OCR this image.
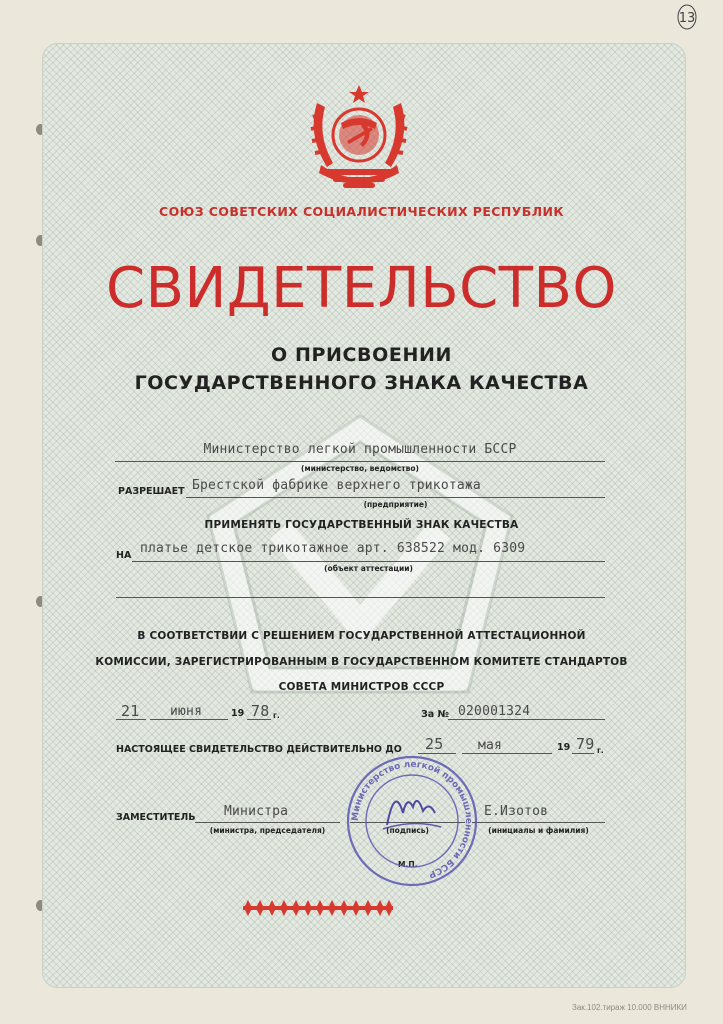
13
СОЮЗ СОВЕТСКИХ СОЦИАЛИСТИЧЕСКИХ РЕСПУБЛИК
СВИДЕТЕЛЬСТВО
О ПРИСВОЕНИИ
ГОСУДАРСТВЕННОГО ЗНАКА КАЧЕСТВА
Министерство легкой промышленности БССР
(министерство, ведомство)
РАЗРЕШАЕТ Брестской фабрике верхнего трикотажа
(предприятие)
ПРИМЕНЯТЬ ГОСУДАРСТВЕННЫЙ ЗНАК КАЧЕСТВА
НА платье детское трикотажное арт. 638522 мод. 6309
(объект аттестации)
В СООТВЕТСТВИИ С РЕШЕНИЕМ ГОСУДАРСТВЕННОЙ АТТЕСТАЦИОННОЙ
КОМИССИИ, ЗАРЕГИСТРИРОВАННЫМ В ГОСУДАРСТВЕННОМ КОМИТЕТЕ СТАНДАРТОВ
СОВЕТА МИНИСТРОВ СССР
21 июня	19 78 г.	За № 020001324
НАСТОЯЩЕЕ СВИДЕТЕЛЬСТВО ДЕЙСТВИТЕЛЬНО ДО 25	мая	19 79 г.
ЗАМЕСТИТЕЛЬ Министра
(министра, председателя)	(подпись)
Е.Изотов
(инициалы и фамилия)
М.П.
Министерство легкой промышленности БССР
Зак.102.тираж 10.000 ВННИКИ
